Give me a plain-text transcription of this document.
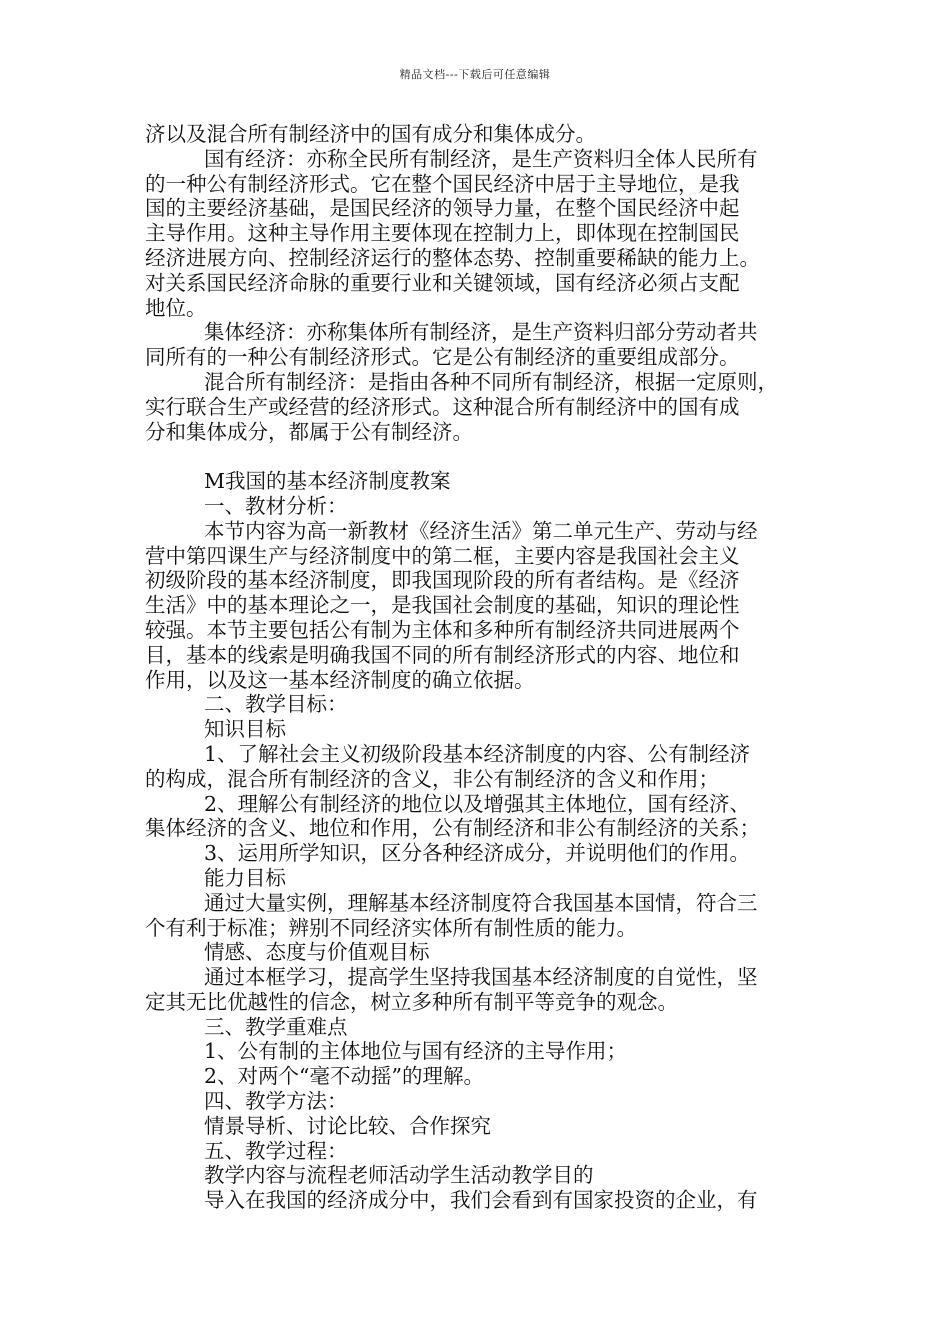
精品文档---下载后可任意编辑
济以及混合所有制经济中的国有成分和集体成分。
国有经济：亦称全民所有制经济，是生产资料归全体人民所有
的一种公有制经济形式。它在整个国民经济中居于主导地位，是我
国的主要经济基础，是国民经济的领导力量，在整个国民经济中起
主导作用。这种主导作用主要体现在控制力上，即体现在控制国民
经济进展方向、控制经济运行的整体态势、控制重要稀缺的能力上。
对关系国民经济命脉的重要行业和关键领域，国有经济必须占支配
地位。
集体经济：亦称集体所有制经济，是生产资料归部分劳动者共
同所有的一种公有制经济形式。它是公有制经济的重要组成部分。
混合所有制经济：是指由各种不同所有制经济，根据一定原则，
实行联合生产或经营的经济形式。这种混合所有制经济中的国有成
分和集体成分，都属于公有制经济。
M我国的基本经济制度教案
一、教材分析：
本节内容为高一新教材《经济生活》第二单元生产、劳动与经
营中第四课生产与经济制度中的第二框，主要内容是我国社会主义
初级阶段的基本经济制度，即我国现阶段的所有者结构。是《经济
生活》中的基本理论之一，是我国社会制度的基础，知识的理论性
较强。本节主要包括公有制为主体和多种所有制经济共同进展两个
目，基本的线索是明确我国不同的所有制经济形式的内容、地位和
作用，以及这一基本经济制度的确立依据。
二、教学目标：
知识目标
1、了解社会主义初级阶段基本经济制度的内容、公有制经济
的构成，混合所有制经济的含义，非公有制经济的含义和作用；
2、理解公有制经济的地位以及增强其主体地位，国有经济、
集体经济的含义、地位和作用，公有制经济和非公有制经济的关系；
3、运用所学知识，区分各种经济成分，并说明他们的作用。
能力目标
通过大量实例，理解基本经济制度符合我国基本国情，符合三
个有利于标准；辨别不同经济实体所有制性质的能力。
情感、态度与价值观目标
通过本框学习，提高学生坚持我国基本经济制度的自觉性，坚
定其无比优越性的信念，树立多种所有制平等竞争的观念。
三、教学重难点
1、公有制的主体地位与国有经济的主导作用；
2、对两个“毫不动摇”的理解。
四、教学方法：
情景导析、讨论比较、合作探究
五、教学过程：
教学内容与流程老师活动学生活动教学目的
导入在我国的经济成分中，我们会看到有国家投资的企业，有
